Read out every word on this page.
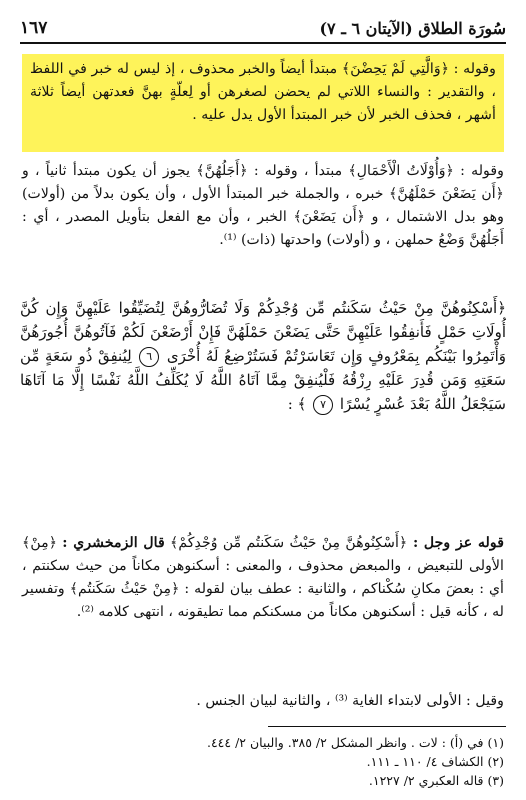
١٦٧	سُورَة الطلاق (الآيتان ٦ ـ ٧)

وقوله : ﴿وَالَّتِي لَمْ يَحِضْنَ﴾ مبتدأ أيضاً والخبر محذوف ، إذ ليس له خبر في اللفظ ، والتقدير : والنساء اللاتي لم يحضن لصغرهن أو لِعلّةٍ بهنَّ فعدتهن أيضاً ثلاثة أشهر ، فحذف الخبر لأن خبر المبتدأ الأول يدل عليه .

وقوله : ﴿وَأُوْلَاتُ الْأَحْمَالِ﴾ مبتدأ ، وقوله : ﴿أَجَلُهُنَّ﴾ يجوز أن يكون مبتدأ ثانياً ، و ﴿أَن يَضَعْنَ حَمْلَهُنَّ﴾ خبره ، والجملة خبر المبتدأ الأول ، وأن يكون بدلاً من (أولات) وهو بدل الاشتمال ، و ﴿أَن يَضَعْنَ﴾ الخبر ، وأن مع الفعل بتأويل المصدر ، أي : أَجَلُهُنَّ وَضْعُ حملهن ، و (أولات) واحدتها (ذات) ⁽¹⁾.

﴿أَسْكِنُوهُنَّ مِنْ حَيْثُ سَكَنتُم مِّن وُجْدِكُمْ وَلَا تُضَارُّوهُنَّ لِتُضَيِّقُوا عَلَيْهِنَّ وَإِن كُنَّ أُولَاتِ حَمْلٍ فَأَنفِقُوا عَلَيْهِنَّ حَتَّى يَضَعْنَ حَمْلَهُنَّ فَإِنْ أَرْضَعْنَ لَكُمْ فَآتُوهُنَّ أُجُورَهُنَّ وَأْتَمِرُوا بَيْنَكُم بِمَعْرُوفٍ وَإِن تَعَاسَرْتُمْ فَسَتُرْضِعُ لَهُ أُخْرَى ٦ لِيُنفِقْ ذُو سَعَةٍ مِّن سَعَتِهِ وَمَن قُدِرَ عَلَيْهِ رِزْقُهُ فَلْيُنفِقْ مِمَّا آتَاهُ اللَّهُ لَا يُكَلِّفُ اللَّهُ نَفْسًا إِلَّا مَا آتَاهَا سَيَجْعَلُ اللَّهُ بَعْدَ عُسْرٍ يُسْرًا ٧ ﴾ :

قوله عز وجل : ﴿أَسْكِنُوهُنَّ مِنْ حَيْثُ سَكَنتُم مِّن وُجْدِكُمْ﴾ قال الزمخشري : ﴿مِنْ﴾ الأولى للتبعيض ، والمبعض محذوف ، والمعنى : أسكنوهن مكاناً من حيث سكنتم ، أي : بعضَ مكانِ سُكْناكم ، والثانية : عطف بيان لقوله : ﴿مِنْ حَيْثُ سَكَنتُم﴾ وتفسير له ، كأنه قيل : أسكنوهن مكاناً من مسكنكم مما تطيقونه ، انتهى كلامه ⁽²⁾.

وقيل : الأولى لابتداء الغاية ⁽³⁾ ، والثانية لبيان الجنس .

(١) في (أ) : لات . وانظر المشكل ٢/ ٣٨٥. والبيان ٢/ ٤٤٤.
(٢) الكشاف ٤/ ١١٠ ـ ١١١.
(٣) قاله العكبري ٢/ ١٢٢٧.
